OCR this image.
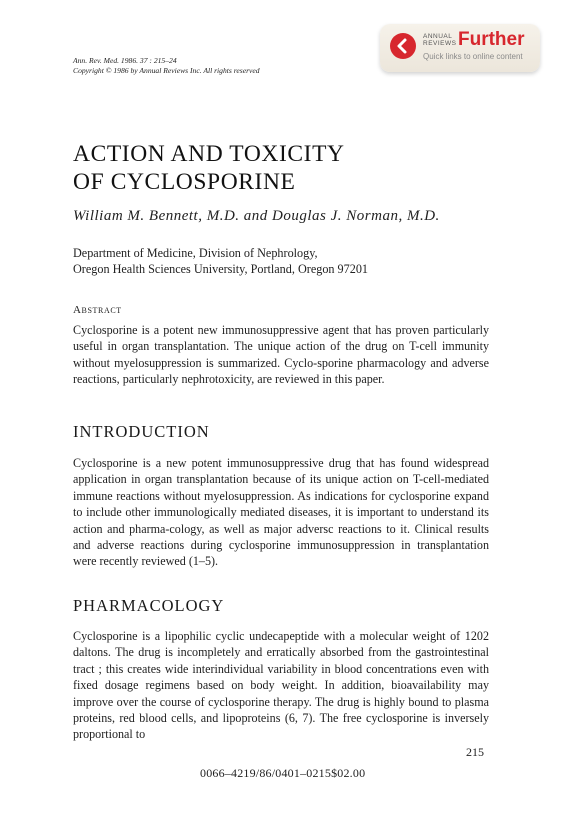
Ann. Rev. Med. 1986. 37 : 215–24
Copyright © 1986 by Annual Reviews Inc. All rights reserved
ANNUAL
REVIEWS Further
Quick links to online content
ACTION AND TOXICITY
OF CYCLOSPORINE
William M. Bennett, M.D. and Douglas J. Norman, M.D.
Department of Medicine, Division of Nephrology,
Oregon Health Sciences University, Portland, Oregon 97201
Abstract
Cyclosporine is a potent new immunosuppressive agent that has proven particularly useful in organ transplantation. The unique action of the drug on T-cell immunity without myelosuppression is summarized. Cyclo-sporine pharmacology and adverse reactions, particularly nephrotoxicity, are reviewed in this paper.
INTRODUCTION
Cyclosporine is a new potent immunosuppressive drug that has found widespread application in organ transplantation because of its unique action on T-cell-mediated immune reactions without myelosuppression. As indications for cyclosporine expand to include other immunologically mediated diseases, it is important to understand its action and pharma-cology, as well as major adversc reactions to it. Clinical results and adverse reactions during cyclosporine immunosuppression in transplantation were recently reviewed (1–5).
PHARMACOLOGY
Cyclosporine is a lipophilic cyclic undecapeptide with a molecular weight of 1202 daltons. The drug is incompletely and erratically absorbed from the gastrointestinal tract ; this creates wide interindividual variability in blood concentrations even with fixed dosage regimens based on body weight. In addition, bioavailability may improve over the course of cyclosporine therapy. The drug is highly bound to plasma proteins, red blood cells, and lipoproteins (6, 7). The free cyclosporine is inversely proportional to
215
0066–4219/86/0401–0215$02.00
